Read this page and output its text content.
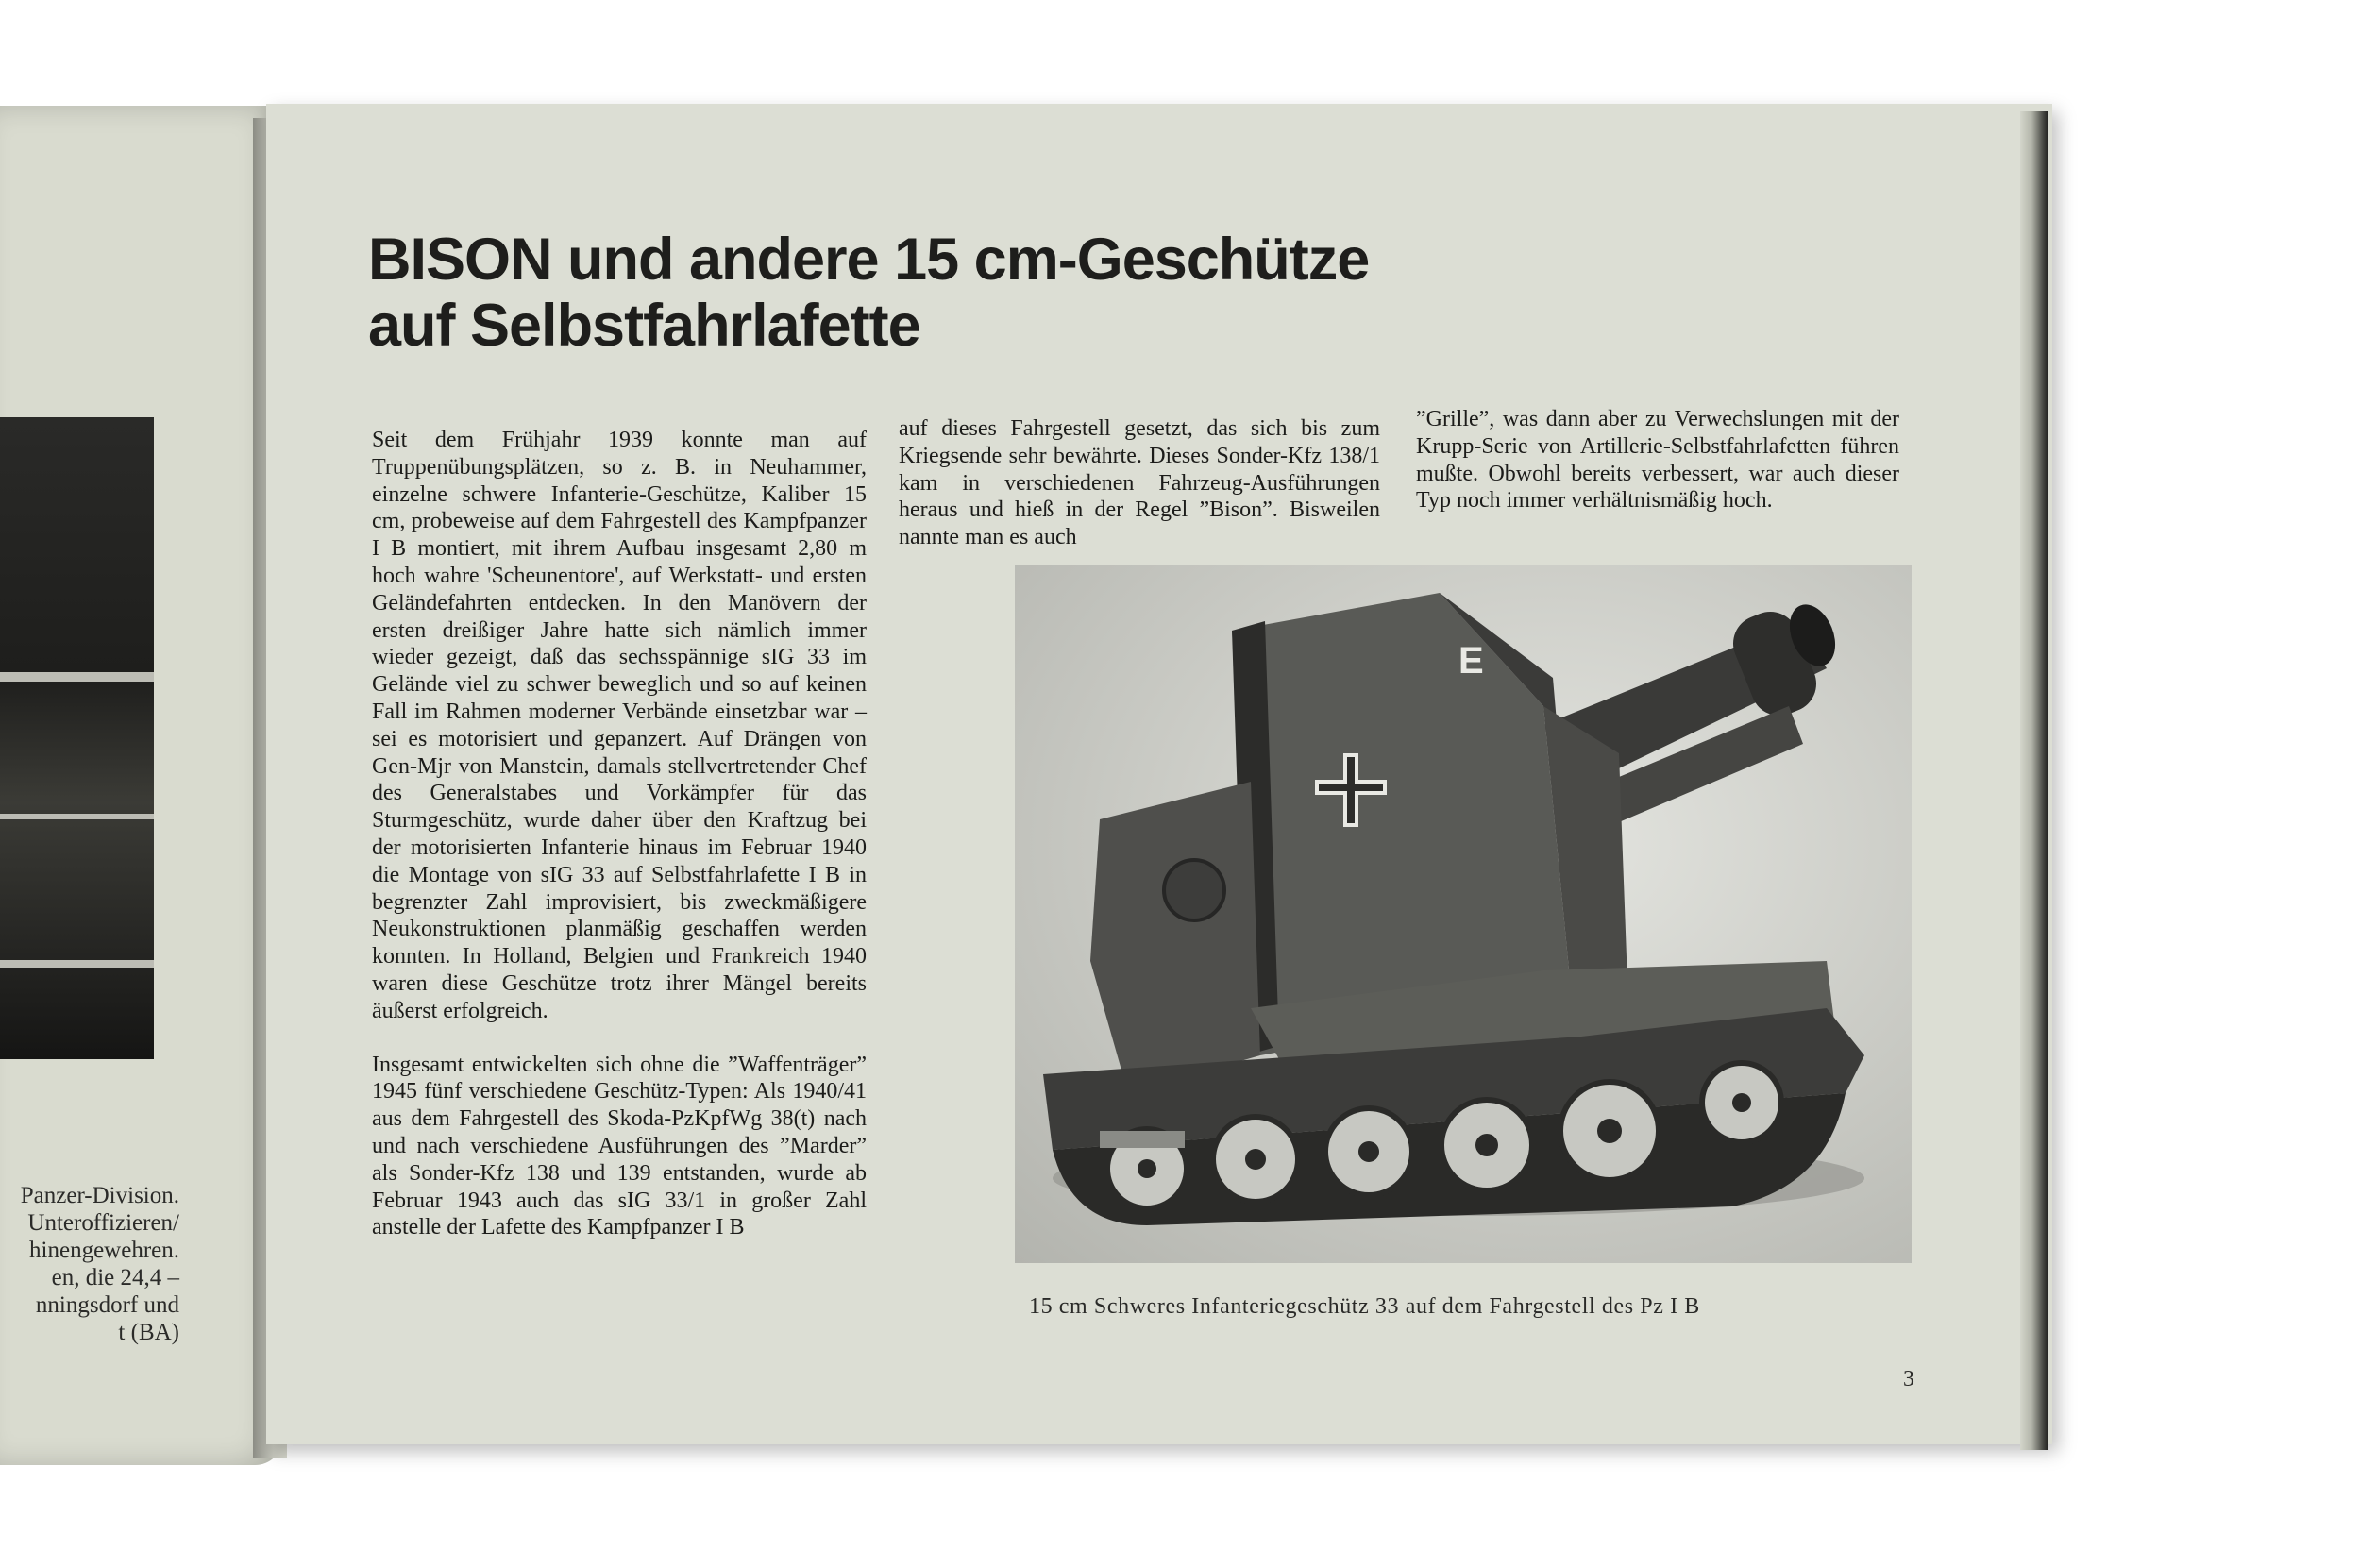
Panzer-Division.
Unteroffizieren/
hinengewehren.
en, die 24,4 –
nningsdorf und
t (BA)
BISON und andere 15 cm-Geschütze
auf Selbstfahrlafette

Seit dem Frühjahr 1939 konnte man auf Truppenübungsplätzen, so z. B. in Neuhammer, einzelne schwere Infanterie-Geschütze, Kaliber 15 cm, probeweise auf dem Fahrgestell des Kampfpanzer I B montiert, mit ihrem Aufbau insgesamt 2,80 m hoch wahre 'Scheunentore', auf Werkstatt- und ersten Geländefahrten entdecken. In den Manövern der ersten dreißiger Jahre hatte sich nämlich immer wieder gezeigt, daß das sechsspännige sIG 33 im Gelände viel zu schwer beweglich und so auf keinen Fall im Rahmen moderner Verbände einsetzbar war – sei es motorisiert und gepanzert. Auf Drängen von Gen-Mjr von Manstein, damals stellvertretender Chef des Generalstabes und Vorkämpfer für das Sturmgeschütz, wurde daher über den Kraftzug bei der motorisierten Infanterie hinaus im Februar 1940 die Montage von sIG 33 auf Selbstfahrlafette I B in begrenzter Zahl improvisiert, bis zweckmäßigere Neukonstruktionen planmäßig geschaffen werden konnten. In Holland, Belgien und Frankreich 1940 waren diese Geschütze trotz ihrer Mängel bereits äußerst erfolgreich.

Insgesamt entwickelten sich ohne die ”Waffenträger” 1945 fünf verschiedene Geschütz-Typen: Als 1940/41 aus dem Fahrgestell des Skoda-PzKpfWg 38(t) nach und nach verschiedene Ausführungen des ”Marder” als Sonder-Kfz 138 und 139 entstanden, wurde ab Februar 1943 auch das sIG 33/1 in großer Zahl anstelle der Lafette des Kampfpanzer I B

auf dieses Fahrgestell gesetzt, das sich bis zum Kriegsende sehr bewährte. Dieses Sonder-Kfz 138/1 kam in verschiedenen Fahrzeug-Ausführungen heraus und hieß in der Regel ”Bison”. Bisweilen nannte man es auch

”Grille”, was dann aber zu Verwechslungen mit der Krupp-Serie von Artillerie-Selbstfahrlafetten führen mußte. Obwohl bereits verbessert, war auch dieser Typ noch immer verhältnismäßig hoch.

E
15 cm Schweres Infanteriegeschütz 33 auf dem Fahrgestell des Pz I B
3
